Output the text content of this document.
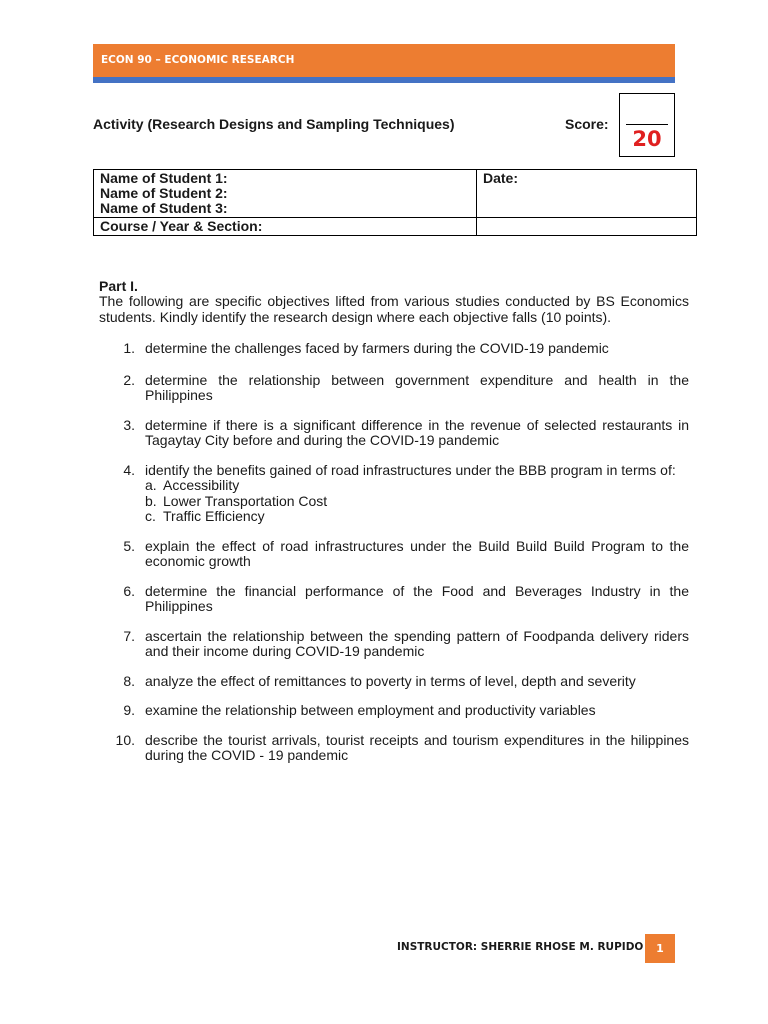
ECON 90 – ECONOMIC RESEARCH
Activity (Research Designs and Sampling Techniques)	Score:
20
Name of Student 1:
Name of Student 2:
Name of Student 3:	Date:

Course / Year & Section:	

Part I.
The following are specific objectives lifted from various studies conducted by BS Economics students. Kindly identify the research design where each objective falls (10 points).
1. determine the challenges faced by farmers during the COVID-19 pandemic
2. determine the relationship between government expenditure and health in the Philippines
3. determine if there is a significant difference in the revenue of selected restaurants in Tagaytay City before and during the COVID-19 pandemic
4. identify the benefits gained of road infrastructures under the BBB program in terms of:
a. Accessibility
b. Lower Transportation Cost
c. Traffic Efficiency
5. explain the effect of road infrastructures under the Build Build Build Program to the economic growth
6. determine the financial performance of the Food and Beverages Industry in the Philippines
7. ascertain the relationship between the spending pattern of Foodpanda delivery riders and their income during COVID-19 pandemic
8. analyze the effect of remittances to poverty in terms of level, depth and severity
9. examine the relationship between employment and productivity variables
10. describe the tourist arrivals, tourist receipts and tourism expenditures in the hilippines during the COVID - 19 pandemic
INSTRUCTOR: SHERRIE RHOSE M. RUPIDO	1
